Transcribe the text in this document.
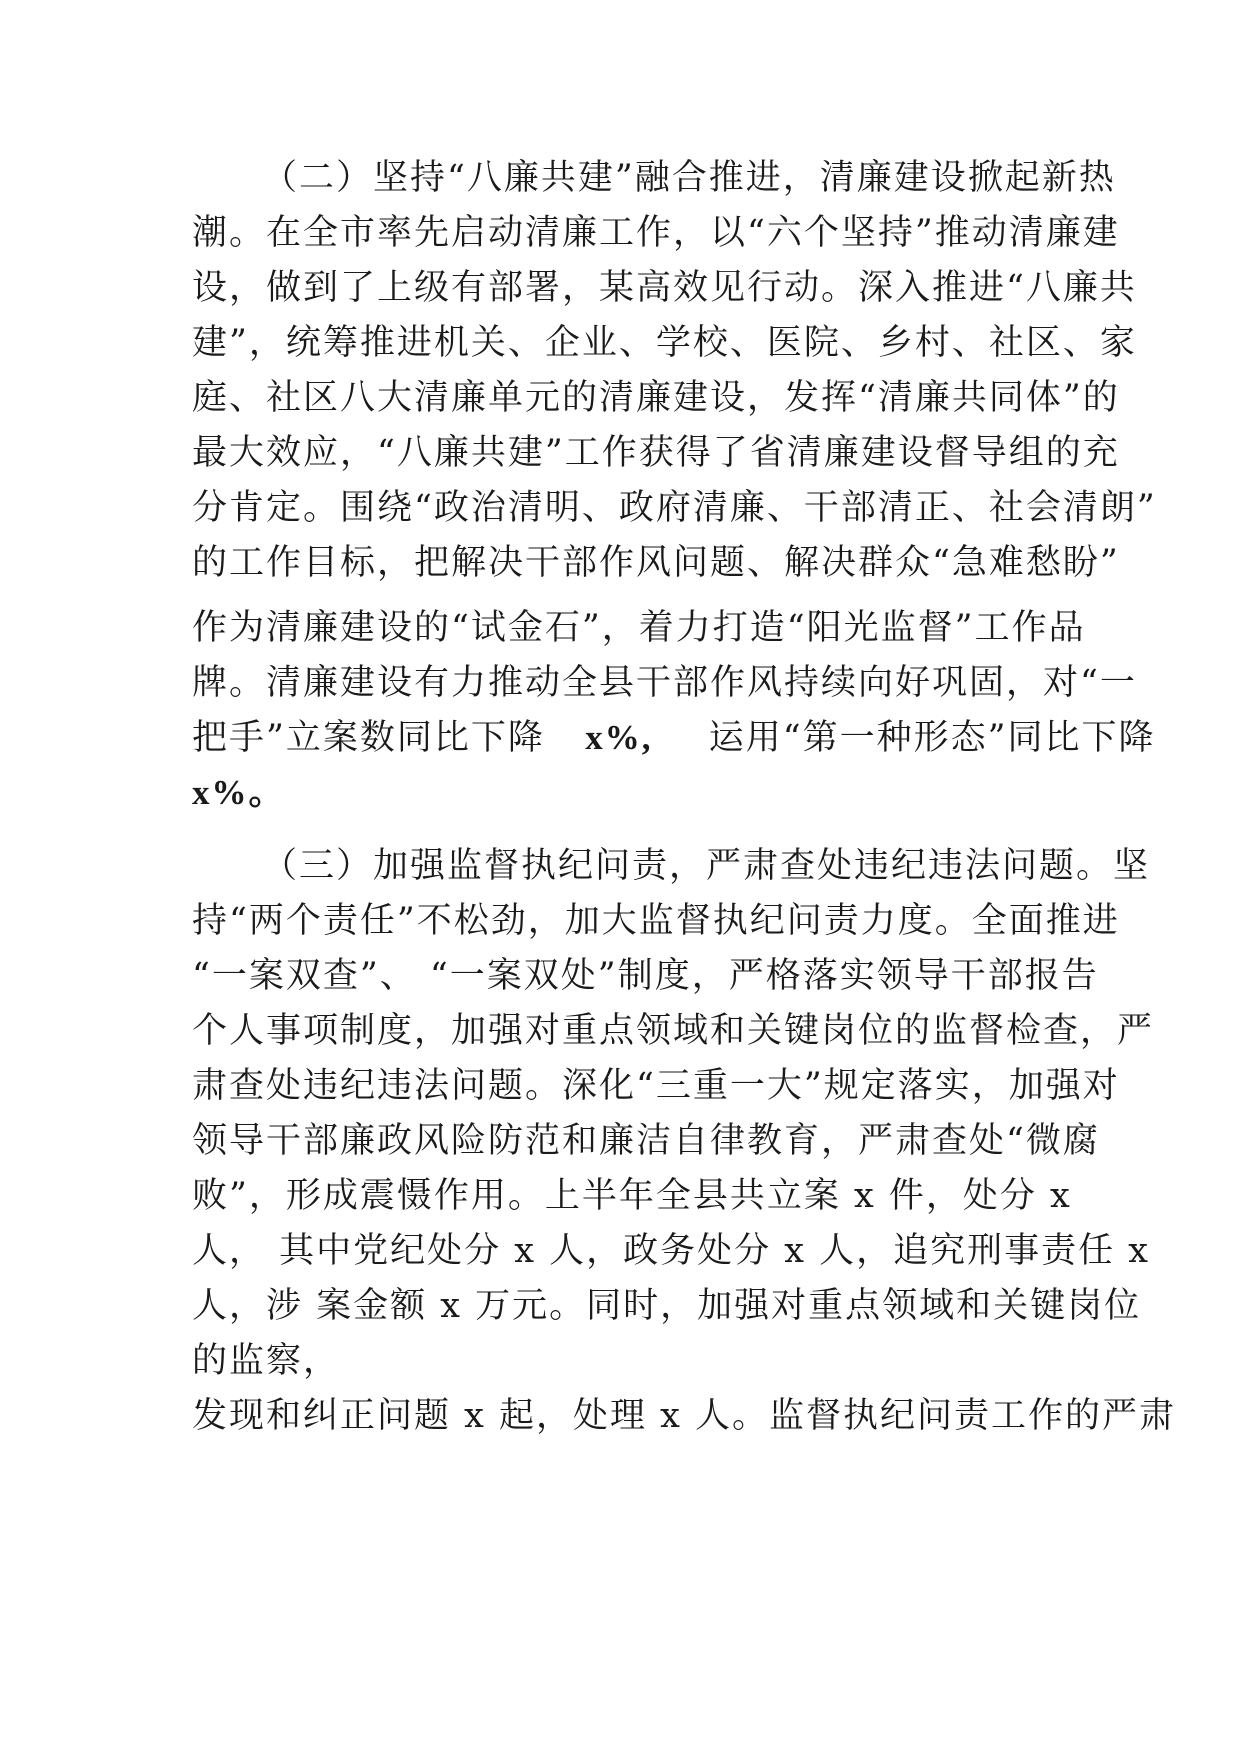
（二）坚持“八廉共建”融合推进，清廉建设掀起新热
潮。在全市率先启动清廉工作，以“六个坚持”推动清廉建
设，做到了上级有部署，某高效见行动。深入推进“八廉共
建”，统筹推进机关、企业、学校、医院、乡村、社区、家
庭、社区八大清廉单元的清廉建设，发挥“清廉共同体”的
最大效应，“八廉共建”工作获得了省清廉建设督导组的充
分肯定。围绕“政治清明、政府清廉、干部清正、社会清朗”
的工作目标，把解决干部作风问题、解决群众“急难愁盼”
作为清廉建设的“试金石”，着力打造“阳光监督”工作品
牌。清廉建设有力推动全县干部作风持续向好巩固，对“一
把手”立案数同比下降 x%, 运用“第一种形态”同比下降
x%。
（三）加强监督执纪问责，严肃查处违纪违法问题。坚
持“两个责任”不松劲，加大监督执纪问责力度。全面推进
“一案双查”、 “一案双处”制度，严格落实领导干部报告
个人事项制度，加强对重点领域和关键岗位的监督检查，严
肃查处违纪违法问题。深化“三重一大”规定落实，加强对
领导干部廉政风险防范和廉洁自律教育，严肃查处“微腐
败”，形成震慑作用。上半年全县共立案 x 件，处分 x
人， 其中党纪处分 x 人，政务处分 x 人，追究刑事责任 x
人，涉 案金额 x 万元。同时，加强对重点领域和关键岗位
的监察，
发现和纠正问题 x 起，处理 x 人。监督执纪问责工作的严肃
